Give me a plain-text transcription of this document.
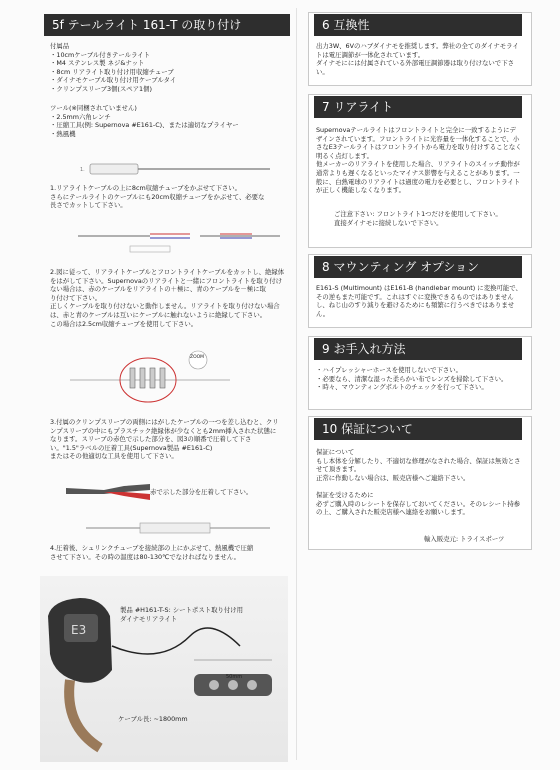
5f テールライト 161-T の取り付け
付属品
・10cmケーブル付きテールライト
・M4 ステンレス製 ネジ&ナット
・8cm リアライト取り付け用収縮チューブ
・ダイナモケーブル取り付け用ケーブルタイ
・クリンプスリーブ3個(スペア1個)
ツール(※同梱されていません)
・2.5mm六角レンチ
・圧縮工具(例: Supernova #E161-C)、または適切なプライヤー
・熱風機
1.
1.リアライトケーブルの上に8cm収縮チューブをかぶせて下さい。
さらにテールライトのケーブルにも20cm収縮チューブをかぶせて、必要な
長さでカットして下さい。
2.図に従って、リアライトケーブルとフロントライトケーブルをカットし、絶縁体
をはがして下さい。Supernovaのリアライトと一緒にフロントライトを取り付け
ない場合は、赤のケーブルをリアライトの＋極に、青のケーブルを－極に取
り付けて下さい。
正しくケーブルを取り付けないと動作しません。リアライトを取り付けない場合
は、赤と青のケーブルは互いにケーブルに触れないように絶縁して下さい。
この場合は2.5cm収縮チューブを使用して下さい。
ZOOM
3.付属のクリンプスリーブの両側にはがしたケーブルの一つを差し込むと、クリンプスリーブの中にもプラスチック絶縁体が少なくとも2mm挿入された状態になります。スリーブの赤色で示した部分を、図3の順番で圧着して下さい。"1.5"ラベルの圧着工具(Supernova製品 #E161-C)
またはその他適切な工具を使用して下さい。
赤で示した部分を圧着して下さい。
4.圧着後、シュリンクチューブを接続部の上にかぶせて、熱風機で圧縮
させて下さい。その時の温度は80-130℃でなければなりません。
E3
製品 #H161-T-S: シートポスト取り付け用
ダイナモリアライト
50mm
ケーブル長: ~1800mm
6 互換性
出力3W、6Vのハブダイナモを推奨します。弊社の全てのダイナモライトは電圧調節が一体化されています。
ダイナモにには付属されている外部電圧調節器は取り付けないで下さい。
7 リアライト
Supernovaテールライトはフロントライトと完全に一致するようにデザインされています。フロントライトに光容量を一体化することで、小さなE3テールライトはフロントライトから電力を取り付けすることなく明るく点灯します。
他メーカーのリアライトを使用した場合、リアライトのスイッチ動作が通常よりも遅くなるといったマイナス影響を与えることがあります。一般に、白熱電球のリアライトは過度の電力を必要とし、フロントライトが正しく機能しなくなります。
ご注意下さい: フロントライト1つだけを使用して下さい。
直接ダイナモに接続しないで下さい。
8 マウンティング オプション
E161-S (Multimount) はE161-B (handlebar mount) に変換可能で、その逆もまた可能です。これはすぐに変換できるものではありませんし、ねじ山のすり減りを避けるためにも頻繁に行うべきではありません。
9 お手入れ方法
・ハイプレッシャーホースを使用しないで下さい。
・必要なら、清潔な湿った柔らかい布でレンズを掃除して下さい。
・時々、マウンティングボルトのチェックを行って下さい。
10 保証について
保証について
もし本体を分解したり、不適切な修理がなされた場合、保証は無効とさせて頂きます。
正常に作動しない場合は、販売店様へご連絡下さい。

保証を受けるために
必ずご購入時のレシートを保存しておいてください。そのレシート持参の上、ご購入された販売店様へ連絡をお願いします。
輸入販売元: トライスポーツ
